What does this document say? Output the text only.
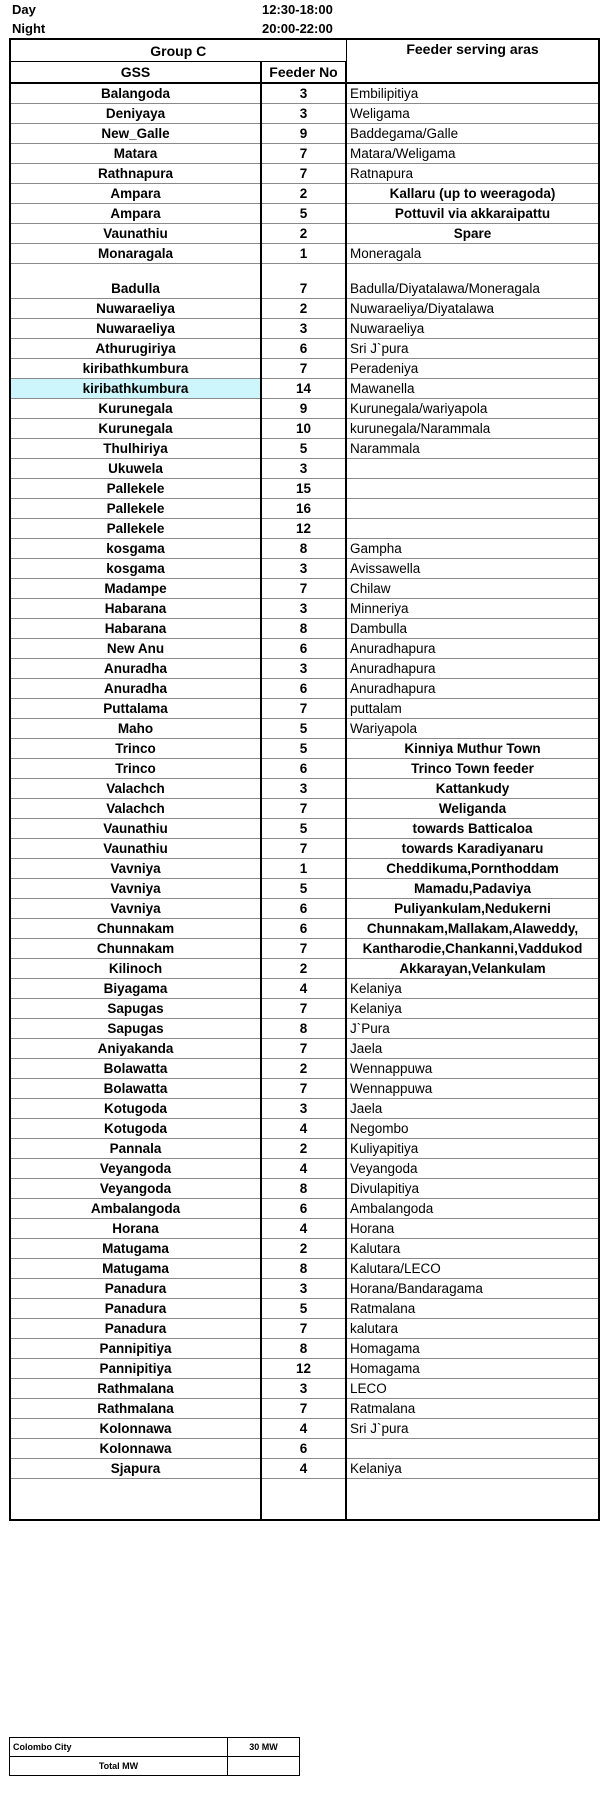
Day	12:30-18:00
Night	20:00-22:00
Group C		Feeder serving aras
GSS	Feeder No	
Balangoda	3	Embilipitiya
Deniyaya	3	Weligama
New_Galle	9	Baddegama/Galle
Matara	7	Matara/Weligama
Rathnapura	7	Ratnapura
Ampara	2	Kallaru (up to weeragoda)
Ampara	5	Pottuvil via akkaraipattu
Vaunathiu	2	Spare
Monaragala	1	Moneragala
Badulla	7	Badulla/Diyatalawa/Moneragala
Nuwaraeliya	2	Nuwaraeliya/Diyatalawa
Nuwaraeliya	3	Nuwaraeliya
Athurugiriya	6	Sri J`pura
kiribathkumbura	7	Peradeniya
kiribathkumbura	14	Mawanella
Kurunegala	9	Kurunegala/wariyapola
Kurunegala	10	kurunegala/Narammala
Thulhiriya	5	Narammala
Ukuwela	3	
Pallekele	15	
Pallekele	16	
Pallekele	12	
kosgama	8	Gampha
kosgama	3	Avissawella
Madampe	7	Chilaw
Habarana	3	Minneriya
Habarana	8	Dambulla
New Anu	6	Anuradhapura
Anuradha	3	Anuradhapura
Anuradha	6	Anuradhapura
Puttalama	7	puttalam
Maho	5	Wariyapola
Trinco	5	Kinniya Muthur Town
Trinco	6	Trinco Town feeder
Valachch	3	Kattankudy
Valachch	7	Weliganda
Vaunathiu	5	towards Batticaloa
Vaunathiu	7	towards Karadiyanaru
Vavniya	1	Cheddikuma,Pornthoddam
Vavniya	5	Mamadu,Padaviya
Vavniya	6	Puliyankulam,Nedukerni
Chunnakam	6	Chunnakam,Mallakam,Alaweddy,
Chunnakam	7	Kantharodie,Chankanni,Vaddukod
Kilinoch	2	Akkarayan,Velankulam
Biyagama	4	Kelaniya
Sapugas	7	Kelaniya
Sapugas	8	J`Pura
Aniyakanda	7	Jaela
Bolawatta	2	Wennappuwa
Bolawatta	7	Wennappuwa
Kotugoda	3	Jaela
Kotugoda	4	Negombo
Pannala	2	Kuliyapitiya
Veyangoda	4	Veyangoda
Veyangoda	8	Divulapitiya
Ambalangoda	6	Ambalangoda
Horana	4	Horana
Matugama	2	Kalutara
Matugama	8	Kalutara/LECO
Panadura	3	Horana/Bandaragama
Panadura	5	Ratmalana
Panadura	7	kalutara
Pannipitiya	8	Homagama
Pannipitiya	12	Homagama
Rathmalana	3	LECO
Rathmalana	7	Ratmalana
Kolonnawa	4	Sri J`pura
Kolonnawa	6	
Sjapura	4	Kelaniya

Colombo City	30 MW	
Total MW		
